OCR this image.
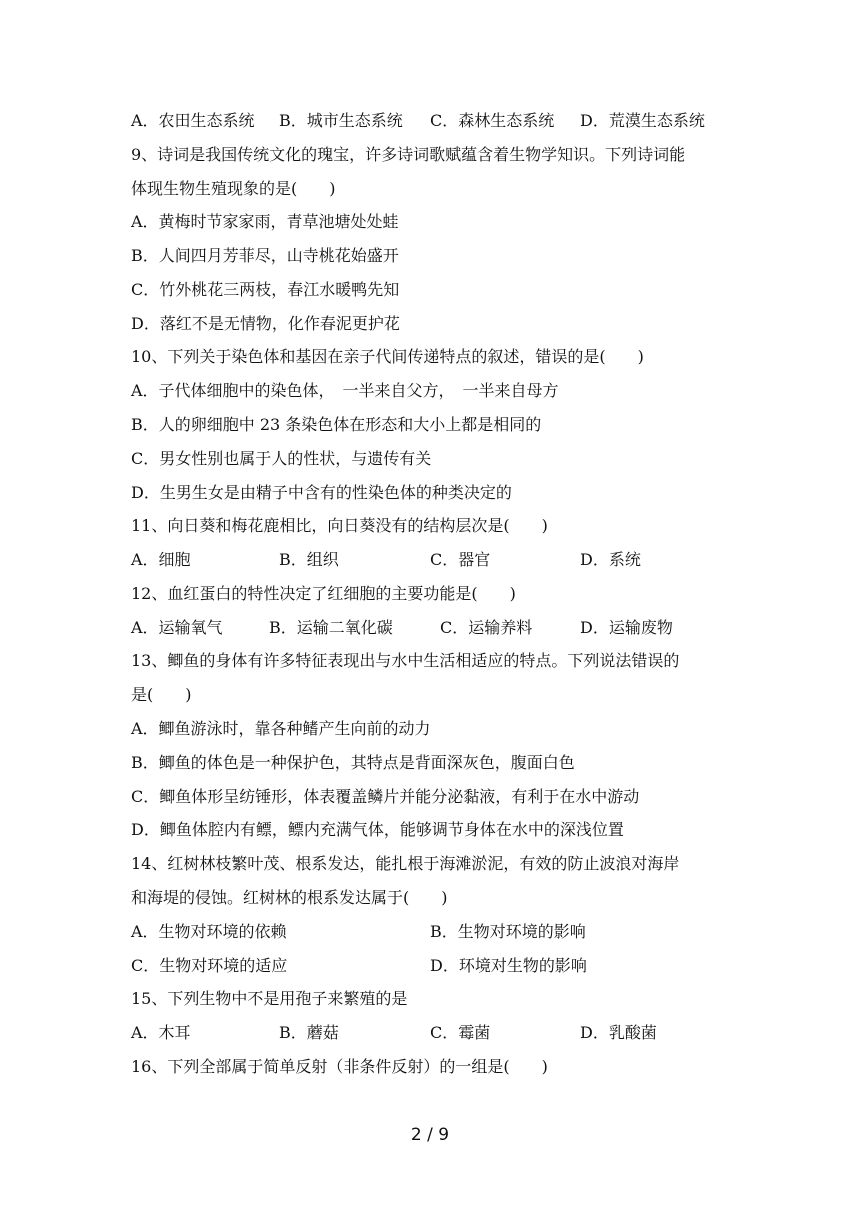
A．农田生态系统 B．城市生态系统 C．森林生态系统 D．荒漠生态系统
9、诗词是我国传统文化的瑰宝，许多诗词歌赋蕴含着生物学知识。下列诗词能
体现生物生殖现象的是(　　)
A．黄梅时节家家雨，青草池塘处处蛙
B．人间四月芳菲尽，山寺桃花始盛开
C．竹外桃花三两枝，春江水暖鸭先知
D．落红不是无情物，化作春泥更护花
10、下列关于染色体和基因在亲子代间传递特点的叙述，错误的是(　　)
A．子代体细胞中的染色体，　一半来自父方，　一半来自母方
B．人的卵细胞中 23 条染色体在形态和大小上都是相同的
C．男女性别也属于人的性状，与遗传有关
D．生男生女是由精子中含有的性染色体的种类决定的
11、向日葵和梅花鹿相比，向日葵没有的结构层次是(　　)
A．细胞	B．组织	C．器官	D．系统
12、血红蛋白的特性决定了红细胞的主要功能是(　　)
A．运输氧气	B．运输二氧化碳	C．运输养料	D．运输废物
13、鲫鱼的身体有许多特征表现出与水中生活相适应的特点。下列说法错误的
是(　　)
A．鲫鱼游泳时，靠各种鳍产生向前的动力
B．鲫鱼的体色是一种保护色，其特点是背面深灰色，腹面白色
C．鲫鱼体形呈纺锤形，体表覆盖鳞片并能分泌黏液，有利于在水中游动
D．鲫鱼体腔内有鳔，鳔内充满气体，能够调节身体在水中的深浅位置
14、红树林枝繁叶茂、根系发达，能扎根于海滩淤泥，有效的防止波浪对海岸
和海堤的侵蚀。红树林的根系发达属于(　　)
A．生物对环境的依赖	B．生物对环境的影响
C．生物对环境的适应	D．环境对生物的影响
15、下列生物中不是用孢子来繁殖的是
A．木耳	B．蘑菇	C．霉菌	D．乳酸菌
16、下列全部属于简单反射（非条件反射）的一组是(　　)
2 / 9
